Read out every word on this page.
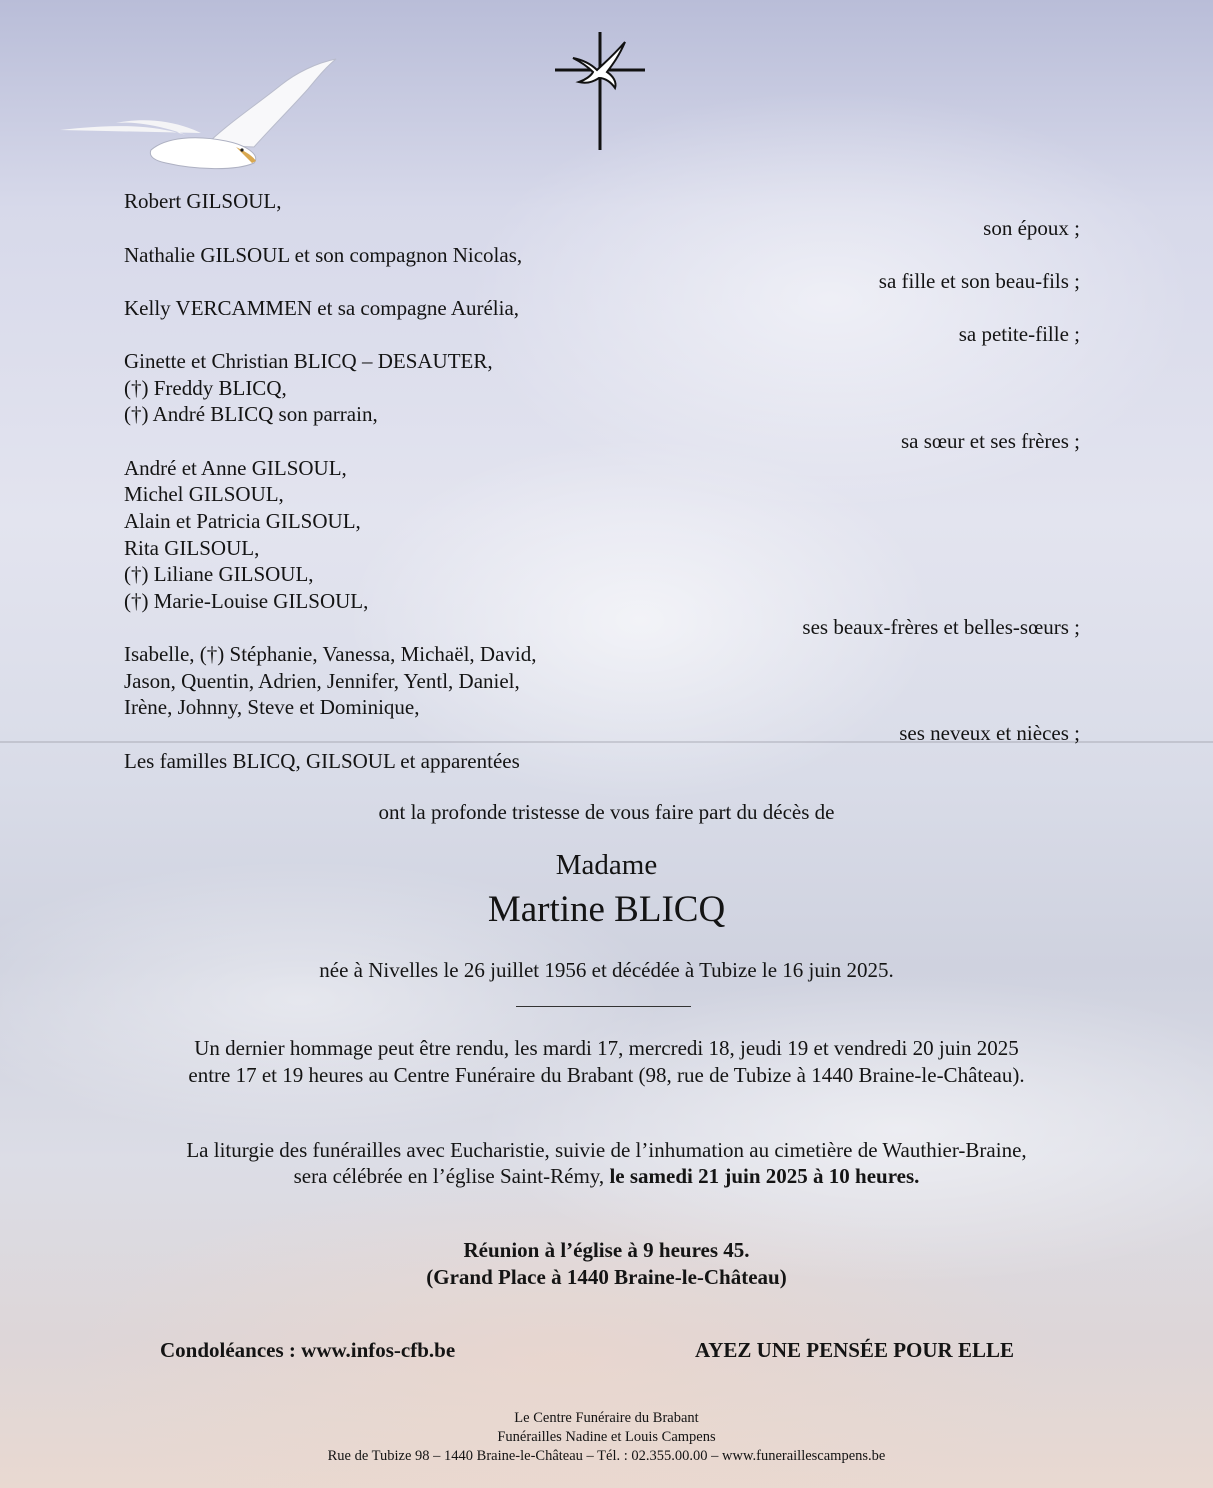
Robert GILSOUL,
son époux ;
Nathalie GILSOUL et son compagnon Nicolas,
sa fille et son beau-fils ;
Kelly VERCAMMEN et sa compagne Aurélia,
sa petite-fille ;
Ginette et Christian BLICQ – DESAUTER,
(†) Freddy BLICQ,
(†) André BLICQ son parrain,
sa sœur et ses frères ;
André et Anne GILSOUL,
Michel GILSOUL,
Alain et Patricia GILSOUL,
Rita GILSOUL,
(†) Liliane GILSOUL,
(†) Marie-Louise GILSOUL,
ses beaux-frères et belles-sœurs ;
Isabelle, (†) Stéphanie, Vanessa, Michaël, David,
Jason, Quentin, Adrien, Jennifer, Yentl, Daniel,
Irène, Johnny, Steve et Dominique,
ses neveux et nièces ;
Les familles BLICQ, GILSOUL et apparentées
ont la profonde tristesse de vous faire part du décès de
Madame
Martine BLICQ
née à Nivelles le 26 juillet 1956 et décédée à Tubize le 16 juin 2025.
Un dernier hommage peut être rendu, les mardi 17, mercredi 18, jeudi 19 et vendredi 20 juin 2025
entre 17 et 19 heures au Centre Funéraire du Brabant (98, rue de Tubize à 1440 Braine-le-Château).
La liturgie des funérailles avec Eucharistie, suivie de l’inhumation au cimetière de Wauthier-Braine,
sera célébrée en l’église Saint-Rémy, le samedi 21 juin 2025 à 10 heures.
Réunion à l’église à 9 heures 45.
(Grand Place à 1440 Braine-le-Château)
Condoléances : www.infos-cfb.be	AYEZ UNE PENSÉE POUR ELLE
Le Centre Funéraire du Brabant
Funérailles Nadine et Louis Campens
Rue de Tubize 98 – 1440 Braine-le-Château – Tél. : 02.355.00.00 – www.funeraillescampens.be
